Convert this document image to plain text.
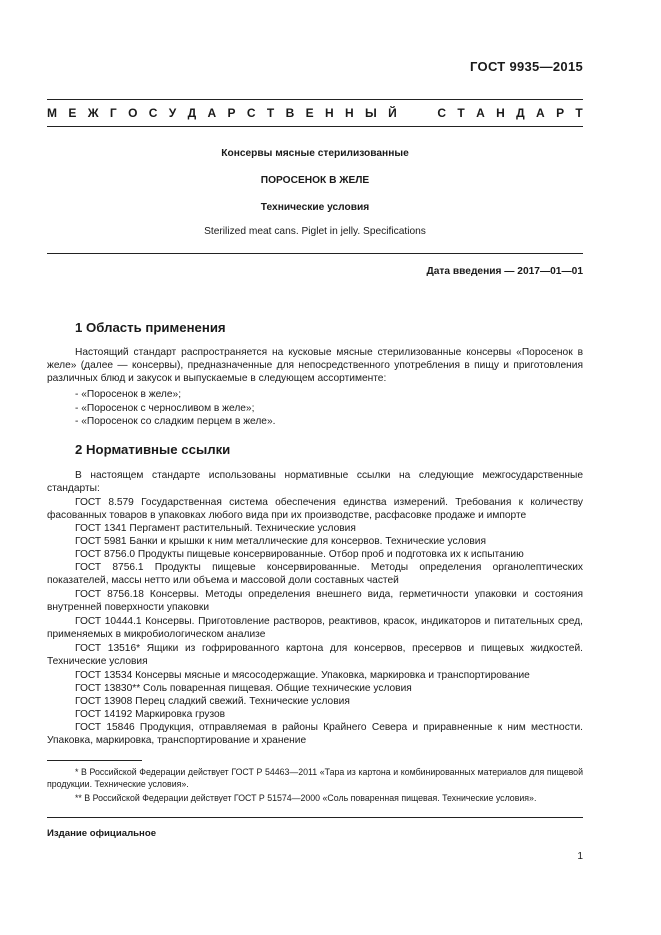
ГОСТ 9935—2015
М Е Ж Г О С У Д А Р С Т В Е Н Н Ы Й

	С Т А Н Д А Р Т
Консервы мясные стерилизованные
ПОРОСЕНОК В ЖЕЛЕ
Технические условия
Sterilized meat cans. Piglet in jelly. Specifications
Дата введения — 2017—01—01
1 Область применения
Настоящий стандарт распространяется на кусковые мясные стерилизованные консервы «Поросенок в желе» (далее — консервы), предназначенные для непосредственного употребления в пищу и приготовления различных блюд и закусок и выпускаемые в следующем ассортименте:
- «Поросенок в желе»;
- «Поросенок с черносливом в желе»;
- «Поросенок со сладким перцем в желе».
2 Нормативные ссылки
В настоящем стандарте использованы нормативные ссылки на следующие межгосударственные стандарты:
ГОСТ 8.579 Государственная система обеспечения единства измерений. Требования к количеству фасованных товаров в упаковках любого вида при их производстве, расфасовке продаже и импорте
ГОСТ 1341 Пергамент растительный. Технические условия
ГОСТ 5981 Банки и крышки к ним металлические для консервов. Технические условия
ГОСТ 8756.0 Продукты пищевые консервированные. Отбор проб и подготовка их к испытанию
ГОСТ 8756.1 Продукты пищевые консервированные. Методы определения органолептических показателей, массы нетто или объема и массовой доли составных частей
ГОСТ 8756.18 Консервы. Методы определения внешнего вида, герметичности упаковки и состояния внутренней поверхности упаковки
ГОСТ 10444.1 Консервы. Приготовление растворов, реактивов, красок, индикаторов и питательных сред, применяемых в микробиологическом анализе
ГОСТ 13516* Ящики из гофрированного картона для консервов, пресервов и пищевых жидкостей. Технические условия
ГОСТ 13534 Консервы мясные и мясосодержащие. Упаковка, маркировка и транспортирование
ГОСТ 13830** Соль поваренная пищевая. Общие технические условия
ГОСТ 13908 Перец сладкий свежий. Технические условия
ГОСТ 14192 Маркировка грузов
ГОСТ 15846 Продукция, отправляемая в районы Крайнего Севера и приравненные к ним местности. Упаковка, маркировка, транспортирование и хранение
* В Российской Федерации действует ГОСТ Р 54463—2011 «Тара из картона и комбинированных материалов для пищевой продукции. Технические условия».
** В Российской Федерации действует ГОСТ Р 51574—2000 «Соль поваренная пищевая. Технические условия».
Издание официальное
1
